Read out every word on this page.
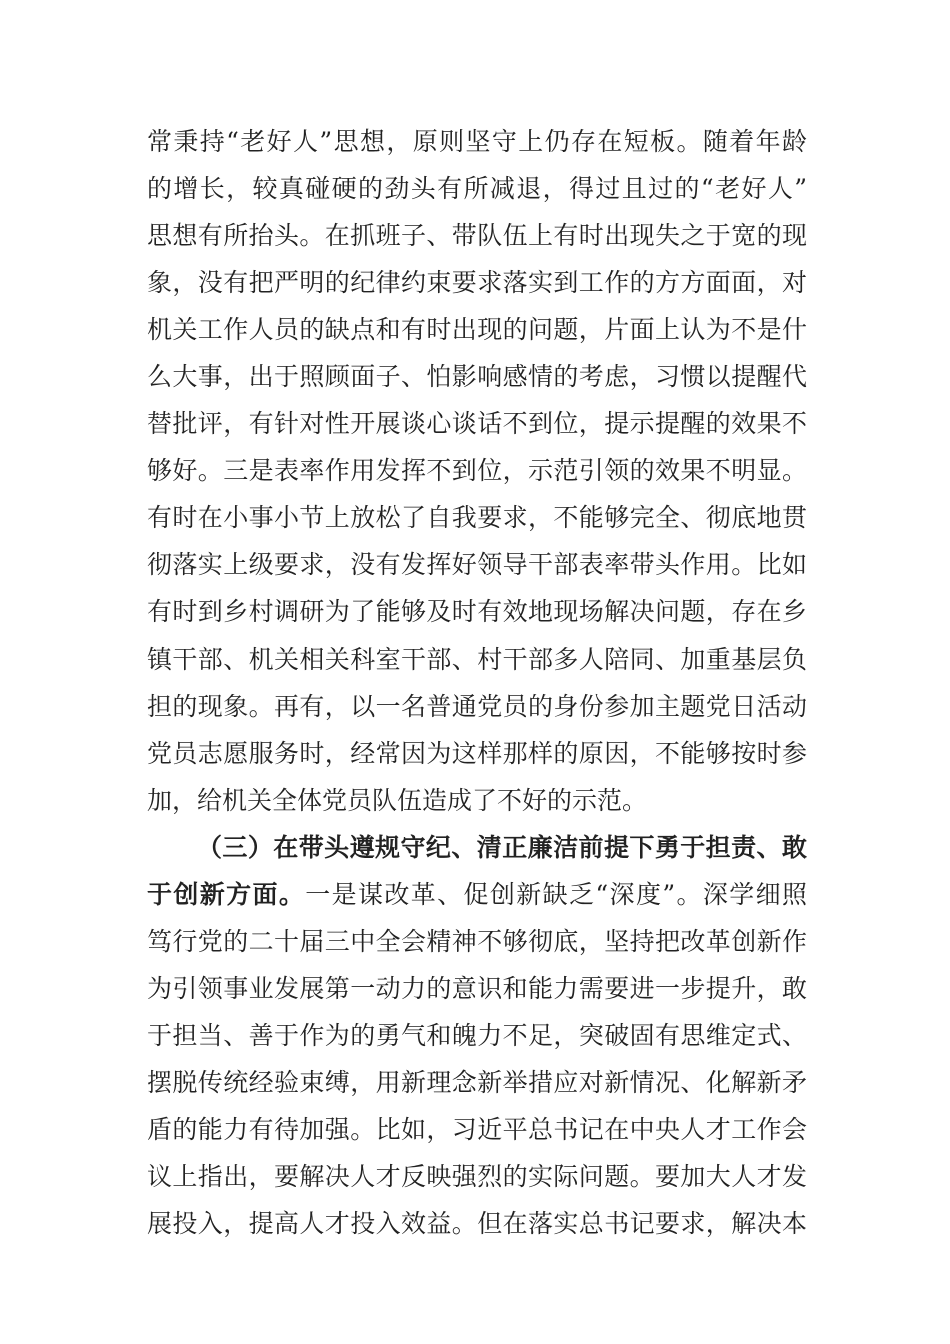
常秉持“老好人”思想，原则坚守上仍存在短板。随着年龄
的增长，较真碰硬的劲头有所减退，得过且过的“老好人”
思想有所抬头。在抓班子、带队伍上有时出现失之于宽的现
象，没有把严明的纪律约束要求落实到工作的方方面面，对
机关工作人员的缺点和有时出现的问题，片面上认为不是什
么大事，出于照顾面子、怕影响感情的考虑，习惯以提醒代
替批评，有针对性开展谈心谈话不到位，提示提醒的效果不
够好。三是表率作用发挥不到位，示范引领的效果不明显。
有时在小事小节上放松了自我要求，不能够完全、彻底地贯
彻落实上级要求，没有发挥好领导干部表率带头作用。比如
有时到乡村调研为了能够及时有效地现场解决问题，存在乡
镇干部、机关相关科室干部、村干部多人陪同、加重基层负
担的现象。再有，以一名普通党员的身份参加主题党日活动
党员志愿服务时，经常因为这样那样的原因，不能够按时参
加，给机关全体党员队伍造成了不好的示范。
（三）在带头遵规守纪、清正廉洁前提下勇于担责、敢
于创新方面。一是谋改革、促创新缺乏“深度”。深学细照
笃行党的二十届三中全会精神不够彻底，坚持把改革创新作
为引领事业发展第一动力的意识和能力需要进一步提升，敢
于担当、善于作为的勇气和魄力不足，突破固有思维定式、
摆脱传统经验束缚，用新理念新举措应对新情况、化解新矛
盾的能力有待加强。比如，习近平总书记在中央人才工作会
议上指出，要解决人才反映强烈的实际问题。要加大人才发
展投入，提高人才投入效益。但在落实总书记要求，解决本
